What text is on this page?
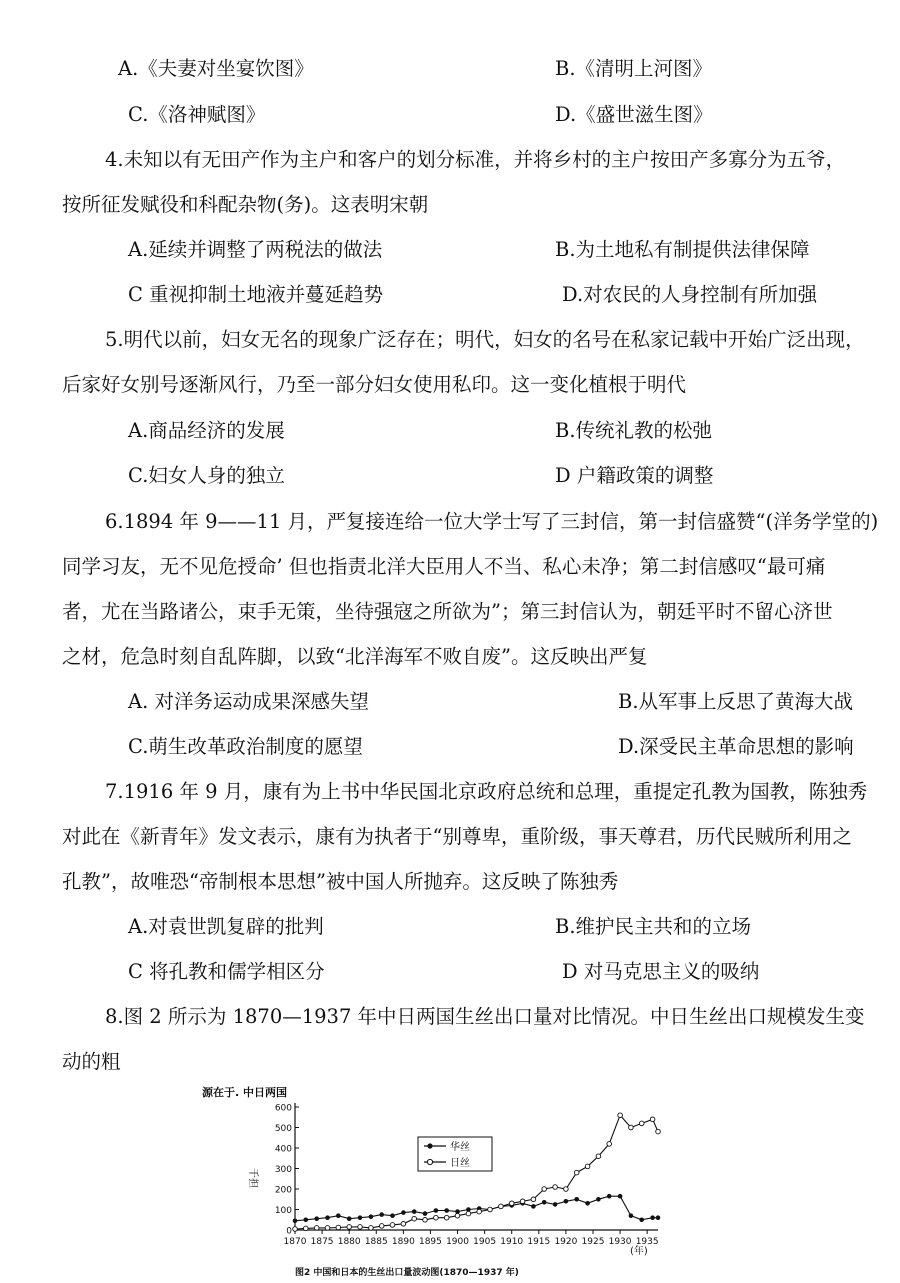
A.《夫妻对坐宴饮图》	B.《清明上河图》
C.《洛神赋图》	D.《盛世滋生图》
4.未知以有无田产作为主户和客户的划分标准，并将乡村的主户按田产多寡分为五爷，
按所征发赋役和科配杂物(务)。这表明宋朝
A.延续并调整了两税法的做法	B.为土地私有制提供法律保障
C 重视抑制土地液并蔓延趋势	D.对农民的人身控制有所加强
5.明代以前，妇女无名的现象广泛存在；明代，妇女的名号在私家记载中开始广泛出现，
后家好女别号逐渐风行，乃至一部分妇女使用私印。这一变化植根于明代
A.商品经济的发展	B.传统礼教的松弛
C.妇女人身的独立	D 户籍政策的调整
6.1894 年 9——11 月，严复接连给一位大学士写了三封信，第一封信盛赞“(洋务学堂的)
同学习友，无不见危授命’ 但也指责北洋大臣用人不当、私心未净；第二封信感叹“最可痛
者，尤在当路诸公，束手无策，坐待强寇之所欲为”；第三封信认为，朝廷平时不留心济世
之材，危急时刻自乱阵脚，以致“北洋海军不败自废”。这反映出严复
A. 对洋务运动成果深感失望	B.从军事上反思了黄海大战
C.萌生改革政治制度的愿望	D.深受民主革命思想的影响
7.1916 年 9 月，康有为上书中华民国北京政府总统和总理，重提定孔教为国教，陈独秀
对此在《新青年》发文表示，康有为执者于“别尊卑，重阶级，事天尊君，历代民贼所利用之
孔教”，故唯恐“帝制根本思想”被中国人所抛弃。这反映了陈独秀
A.对袁世凯复辟的批判	B.维护民主共和的立场
C 将孔教和儒学相区分	D 对马克思主义的吸纳
8.图 2 所示为 1870—1937 年中日两国生丝出口量对比情况。中日生丝出口规模发生变
动的粗
源在于. 中日两国
千担
0
100
200
300
400
500
600
1870 1875 1880 1885 1890 1895 1900 1905 1910 1915 1920 1925 1930 1935
(年)
华丝
日丝
图2 中国和日本的生丝出口量波动图(1870—1937 年)
